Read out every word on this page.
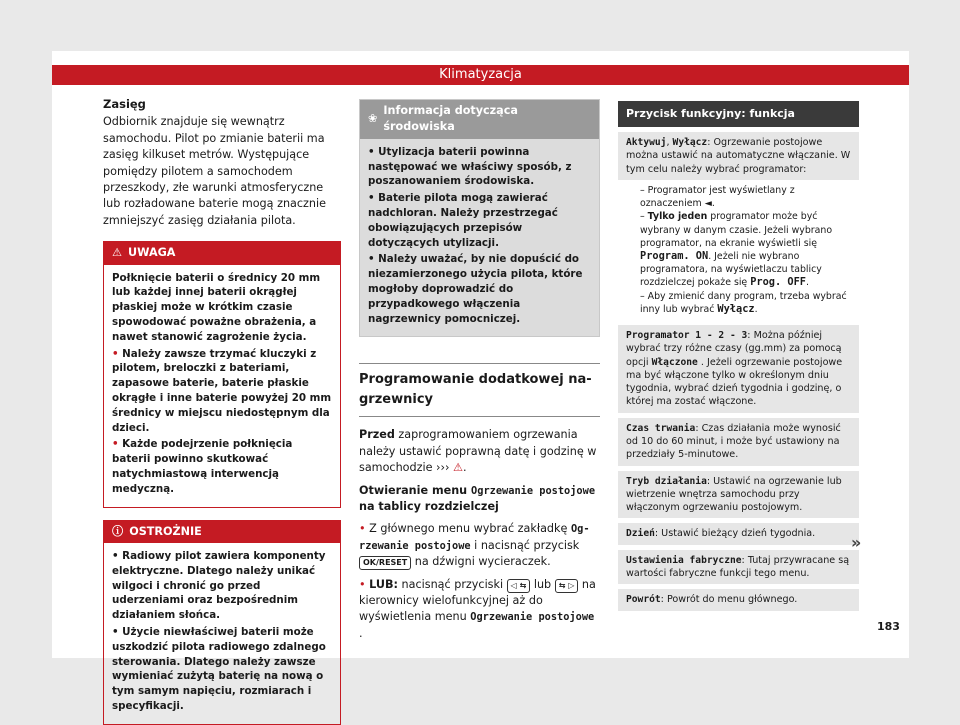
Klimatyzacja
Zasięg

Odbiornik znajduje się wewnątrz samochodu. Pilot po zmianie baterii ma zasięg kilkuset metrów. Występujące pomiędzy pilotem a samochodem przeszkody, złe warunki atmosferyczne lub rozładowane baterie mogą znacznie zmniejszyć zasięg działania pilota.

⚠ UWAGA
Połknięcie baterii o średnicy 20 mm lub każdej innej baterii okrągłej płaskiej może w krótkim czasie spowodować poważne obrażenia, a nawet stanowić zagrożenie życia.
• Należy zawsze trzymać kluczyki z pilotem, breloczki z bateriami, zapasowe baterie, baterie płaskie okrągłe i inne baterie powyżej 20 mm średnicy w miejscu niedostępnym dla dzieci.
• Każde podejrzenie połknięcia baterii powinno skutkować natychmiastową interwencją medyczną.
ⓘ OSTROŻNIE
• Radiowy pilot zawiera komponenty elektryczne. Dlatego należy unikać wilgoci i chronić go przed uderzeniami oraz bezpośrednim działaniem słońca.
• Użycie niewłaściwej baterii może uszkodzić pilota radiowego zdalnego sterowania. Dlatego należy zawsze wymieniać zużytą baterię na nową o tym samym napięciu, rozmiarach i specyfikacji.
❀
Informacja dotycząca środowiska
• Utylizacja baterii powinna następować we właściwy sposób, z poszanowaniem środowiska.
• Baterie pilota mogą zawierać nadchloran. Należy przestrzegać obowiązujących przepisów dotyczących utylizacji.
• Należy uważać, by nie dopuścić do niezamierzonego użycia pilota, które mogłoby doprowadzić do przypadkowego włączenia nagrzewnicy pomocniczej.
Programowanie dodatkowej nagrzewnicy

Przed zaprogramowaniem ogrzewania należy ustawić poprawną datę i godzinę w samochodzie ››› ⚠.

Otwieranie menu Ogrzewanie postojowe na tablicy rozdzielczej

• Z głównego menu wybrać zakładkę Ogrzewanie postojowe i nacisnąć przycisk OK/RESET na dźwigni wycieraczek.

• LUB: nacisnąć przyciski ◁ ⇆ lub ⇆ ▷ na kierownicy wielofunkcyjnej aż do wyświetlenia menu Ogrzewanie postojowe .

Przycisk funkcyjny: funkcja
Aktywuj, Wyłącz: Ogrzewanie postojowe można ustawić na automatyczne włączanie. W tym celu należy wybrać programator:
– Programator jest wyświetlany z oznaczeniem ◄.
– Tylko jeden programator może być wybrany w danym czasie. Jeżeli wybrano programator, na ekranie wyświetli się Program. ON. Jeżeli nie wybrano programatora, na wyświetlaczu tablicy rozdzielczej pokaże się Prog. OFF.
– Aby zmienić dany program, trzeba wybrać inny lub wybrać Wyłącz.
Programator 1 - 2 - 3: Można później wybrać trzy różne czasy (gg.mm) za pomocą opcji Włączone . Jeżeli ogrzewanie postojowe ma być włączone tylko w określonym dniu tygodnia, wybrać dzień tygodnia i godzinę, o której ma zostać włączone.
Czas trwania: Czas działania może wynosić od 10 do 60 minut, i może być ustawiony na przedziały 5-minutowe.
Tryb działania: Ustawić na ogrzewanie lub wietrzenie wnętrza samochodu przy włączonym ogrzewaniu postojowym.
Dzień: Ustawić bieżący dzień tygodnia.
Ustawienia fabryczne: Tutaj przywracane są wartości fabryczne funkcji tego menu.
Powrót: Powrót do menu głównego.
»
183
